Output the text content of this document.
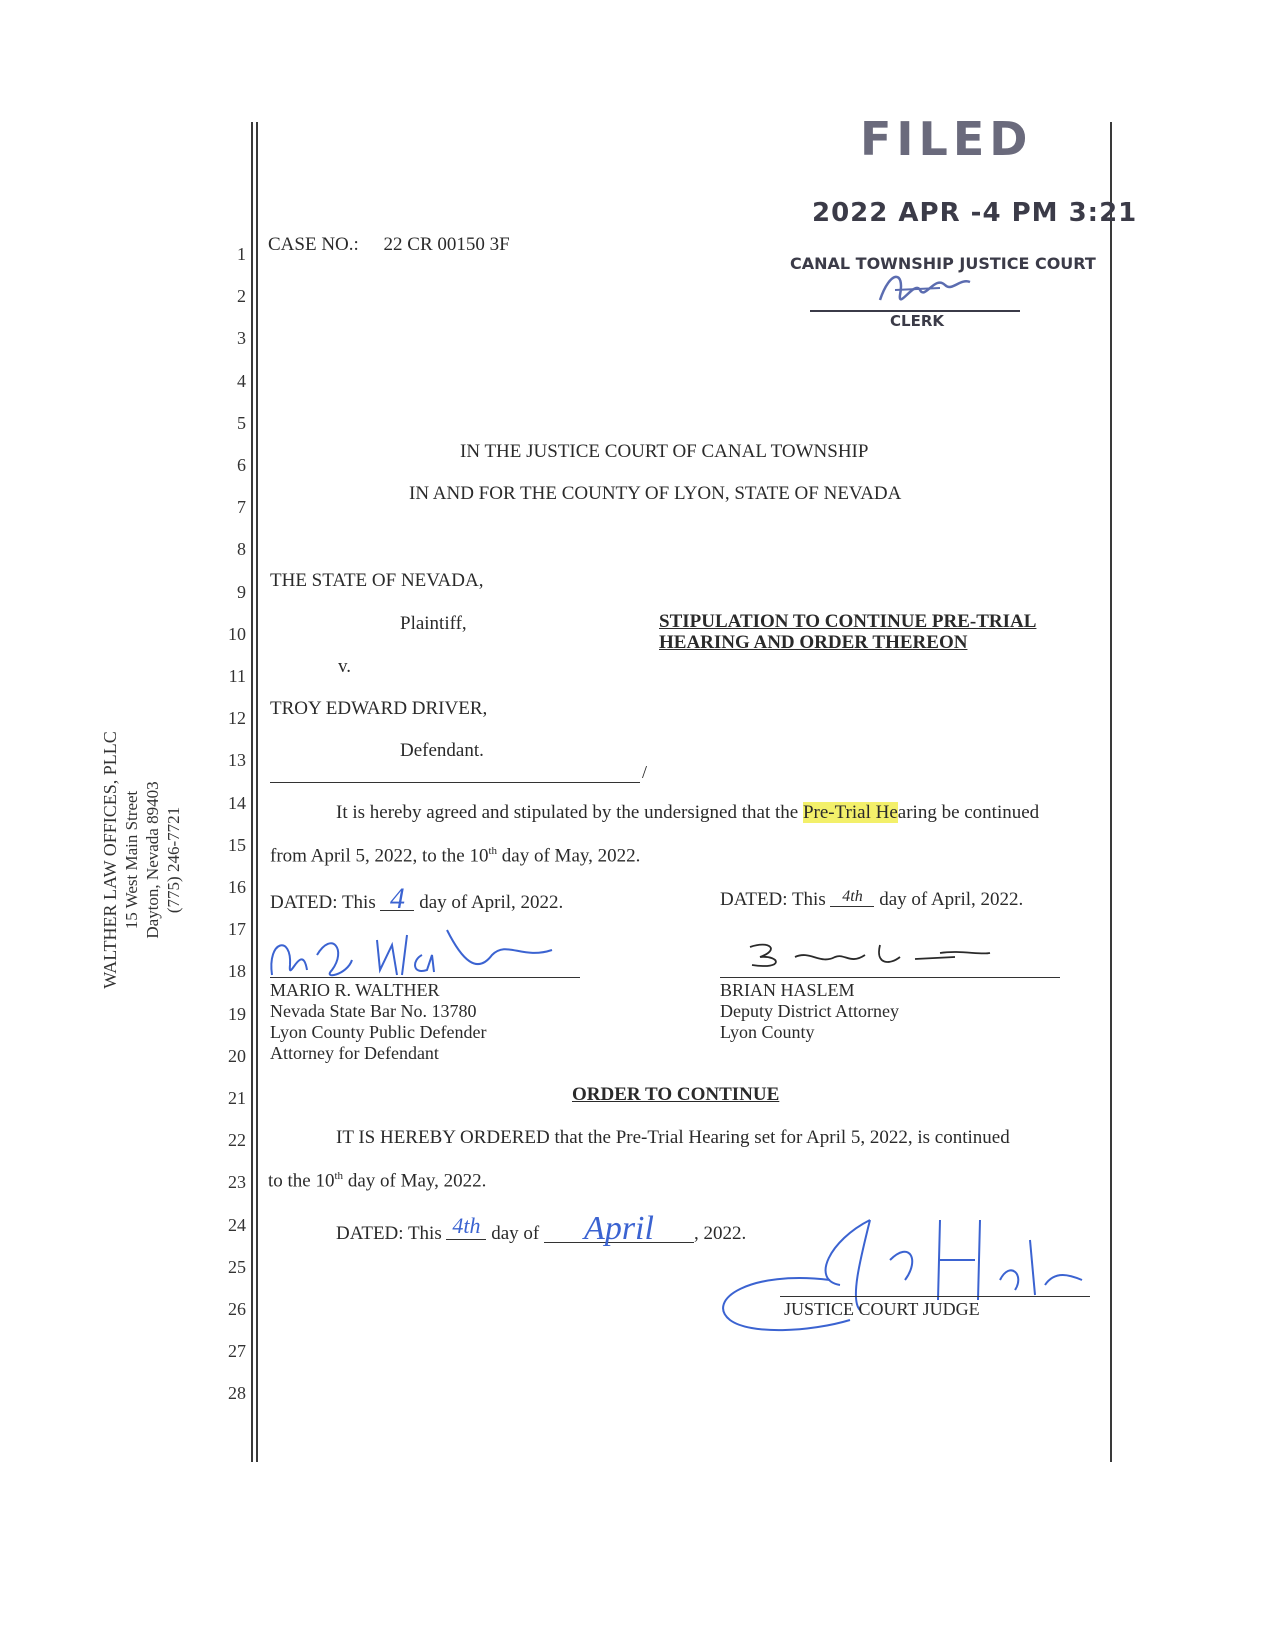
WALTHER LAW OFFICES, PLLC 15 West Main Street Dayton, Nevada 89403 (775) 246-7721
1
2
3
4
5
6
7
8
9
10
11
12
13
14
15
16
17
18
19
20
21
22
23
24
25
26
27
28
FILED
2022 APR -4 PM 3:21
CANAL TOWNSHIP JUSTICE COURT
CLERK
CASE NO.: 22 CR 00150 3F
IN THE JUSTICE COURT OF CANAL TOWNSHIP
IN AND FOR THE COUNTY OF LYON, STATE OF NEVADA
THE STATE OF NEVADA,
Plaintiff,	STIPULATION TO CONTINUE PRE-TRIAL
HEARING AND ORDER THEREON
v.
TROY EDWARD DRIVER,
Defendant.
/
It is hereby agreed and stipulated by the undersigned that the Pre-Trial Hearing be continued
from April 5, 2022, to the 10th day of May, 2022.
DATED: This 4 day of April, 2022.	DATED: This 4th day of April, 2022.
MARIO R. WALTHER
Nevada State Bar No. 13780
Lyon County Public Defender
Attorney for Defendant
BRIAN HASLEM
Deputy District Attorney
Lyon County
ORDER TO CONTINUE
IT IS HEREBY ORDERED that the Pre-Trial Hearing set for April 5, 2022, is continued
to the 10th day of May, 2022.
DATED: This 4th day of April , 2022.
JUSTICE COURT JUDGE
